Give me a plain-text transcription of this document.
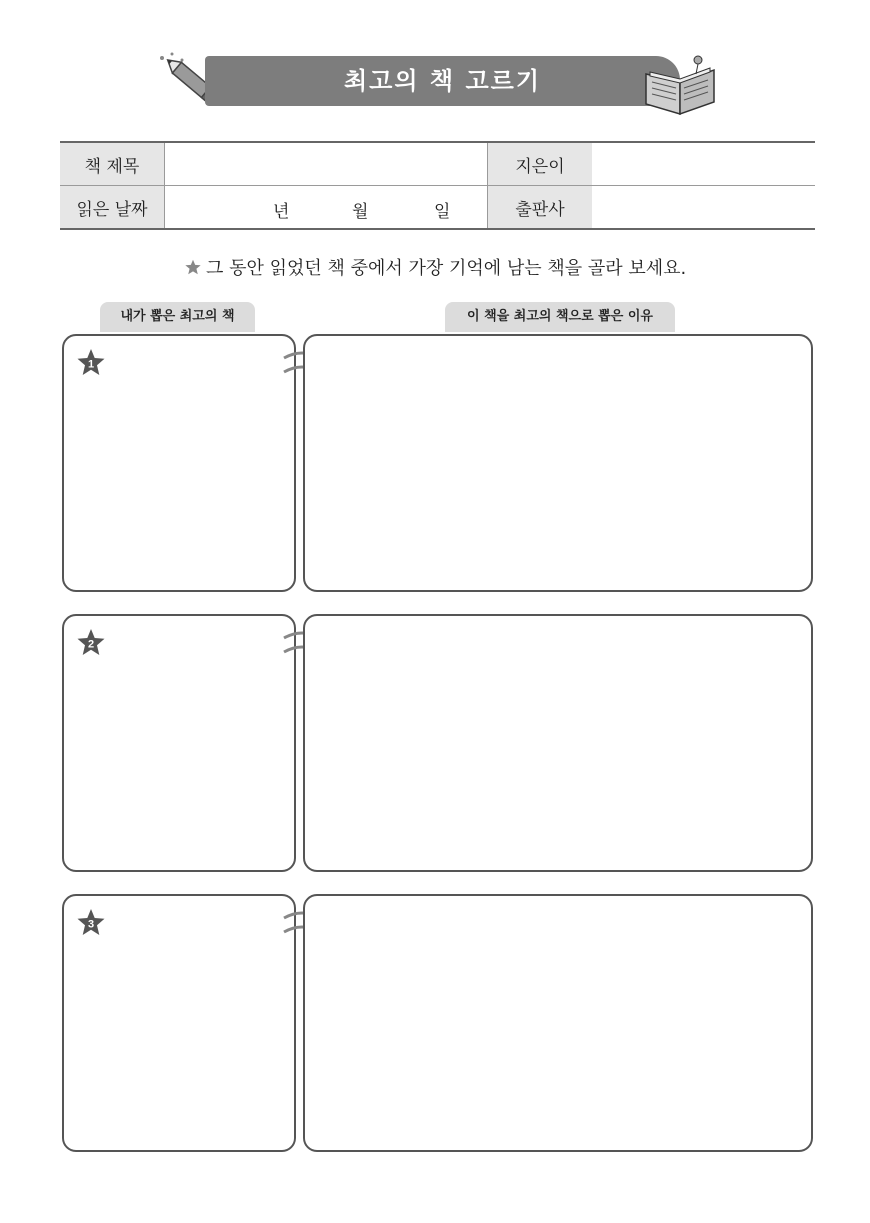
최고의 책 고르기
책 제목		지은이	
읽은 날짜	년 월 일	출판사	
그 동안 읽었던 책 중에서 가장 기억에 남는 책을 골라 보세요.
내가 뽑은 최고의 책	이 책을 최고의 책으로 뽑은 이유
1
2
3
